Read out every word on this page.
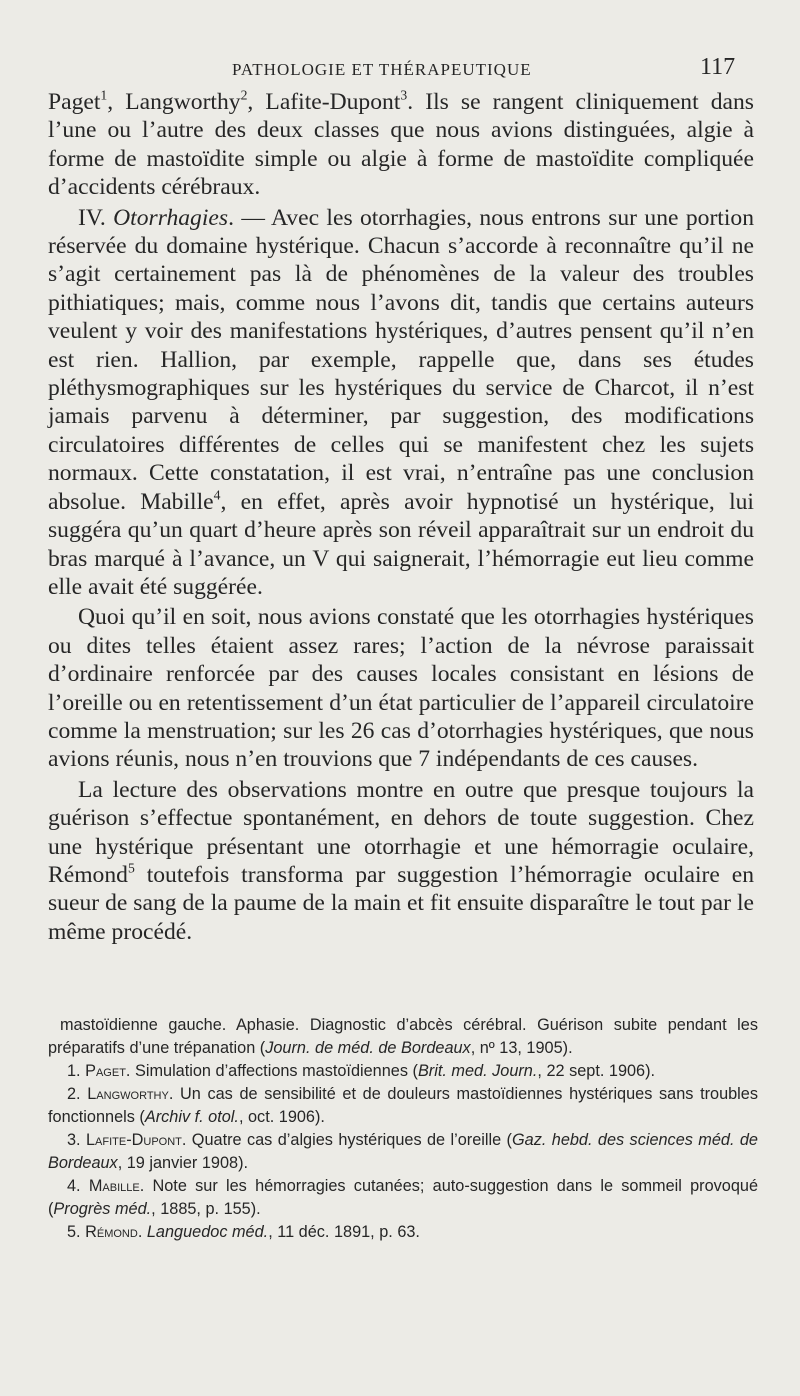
PATHOLOGIE ET THÉRAPEUTIQUE	117

Paget$^1$, Langworthy$^2$, Lafite-Dupont$^3$. Ils se rangent cliniquement dans l’une ou l’autre des deux classes que nous avions distinguées, algie à forme de mastoïdite simple ou algie à forme de mastoïdite compliquée d’accidents cérébraux.

IV. Otorrhagies. — Avec les otorrhagies, nous entrons sur une portion réservée du domaine hystérique. Chacun s’accorde à reconnaître qu’il ne s’agit certainement pas là de phénomènes de la valeur des troubles pithiatiques; mais, comme nous l’avons dit, tandis que certains auteurs veulent y voir des manifestations hystériques, d’autres pensent qu’il n’en est rien. Hallion, par exemple, rappelle que, dans ses études pléthysmographiques sur les hystériques du service de Charcot, il n’est jamais parvenu à déterminer, par suggestion, des modifications circulatoires différentes de celles qui se manifestent chez les sujets normaux. Cette constatation, il est vrai, n’entraîne pas une conclusion absolue. Mabille$^4$, en effet, après avoir hypnotisé un hystérique, lui suggéra qu’un quart d’heure après son réveil apparaîtrait sur un endroit du bras marqué à l’avance, un V qui saignerait, l’hémorragie eut lieu comme elle avait été suggérée.

Quoi qu’il en soit, nous avions constaté que les otorrhagies hystériques ou dites telles étaient assez rares; l’action de la névrose paraissait d’ordinaire renforcée par des causes locales consistant en lésions de l’oreille ou en retentissement d’un état particulier de l’appareil circulatoire comme la menstruation; sur les 26 cas d’otorrhagies hystériques, que nous avions réunis, nous n’en trouvions que 7 indépendants de ces causes.

La lecture des observations montre en outre que presque toujours la guérison s’effectue spontanément, en dehors de toute suggestion. Chez une hystérique présentant une otorrhagie et une hémorragie oculaire, Rémond$^5$ toutefois transforma par suggestion l’hémorragie oculaire en sueur de sang de la paume de la main et fit ensuite disparaître le tout par le même procédé.

mastoïdienne gauche. Aphasie. Diagnostic d’abcès cérébral. Guérison subite pendant les préparatifs d’une trépanation (Journ. de méd. de Bordeaux, nº 13, 1905).

1. Paget. Simulation d’affections mastoïdiennes (Brit. med. Journ., 22 sept. 1906).

2. Langworthy. Un cas de sensibilité et de douleurs mastoïdiennes hystériques sans troubles fonctionnels (Archiv f. otol., oct. 1906).

3. Lafite-Dupont. Quatre cas d’algies hystériques de l’oreille (Gaz. hebd. des sciences méd. de Bordeaux, 19 janvier 1908).

4. Mabille. Note sur les hémorragies cutanées; auto-suggestion dans le sommeil provoqué (Progrès méd., 1885, p. 155).

5. Rémond. Languedoc méd., 11 déc. 1891, p. 63.
